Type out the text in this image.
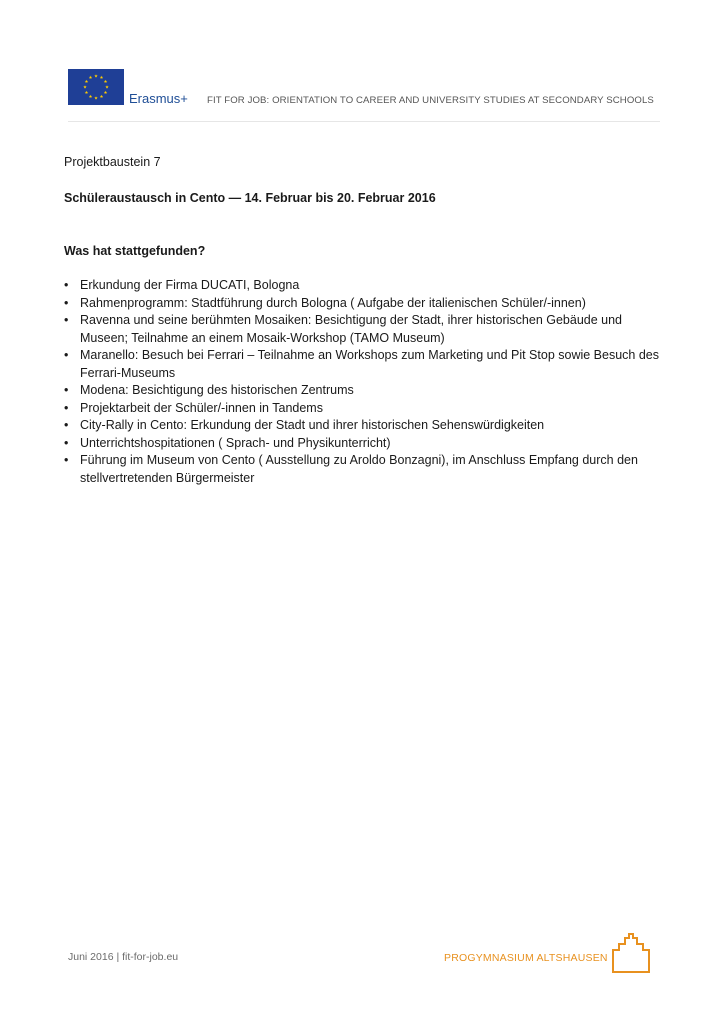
Erasmus+ FIT FOR JOB: ORIENTATION TO CAREER AND UNIVERSITY STUDIES AT SECONDARY SCHOOLS

Projektbaustein 7

Schüleraustausch in Cento — 14. Februar bis 20. Februar 2016

Was hat stattgefunden?

• Erkundung der Firma DUCATI, Bologna
• Rahmenprogramm: Stadtführung durch Bologna ( Aufgabe der italienischen Schüler/-innen)
• Ravenna und seine berühmten Mosaiken: Besichtigung der Stadt, ihrer historischen Gebäude und Museen; Teilnahme an einem Mosaik-Workshop (TAMO Museum)
• Maranello: Besuch bei Ferrari – Teilnahme an Workshops zum Marketing und Pit Stop sowie Besuch des Ferrari-Museums
• Modena: Besichtigung des historischen Zentrums
• Projektarbeit der Schüler/-innen in Tandems
• City-Rally in Cento: Erkundung der Stadt und ihrer historischen Sehenswürdigkeiten
• Unterrichtshospitationen ( Sprach- und Physikunterricht)
• Führung im Museum von Cento ( Ausstellung zu Aroldo Bonzagni), im Anschluss Empfang durch den stellvertretenden Bürgermeister
Juni 2016 | fit-for-job.eu	PROGYMNASIUM ALTSHAUSEN
